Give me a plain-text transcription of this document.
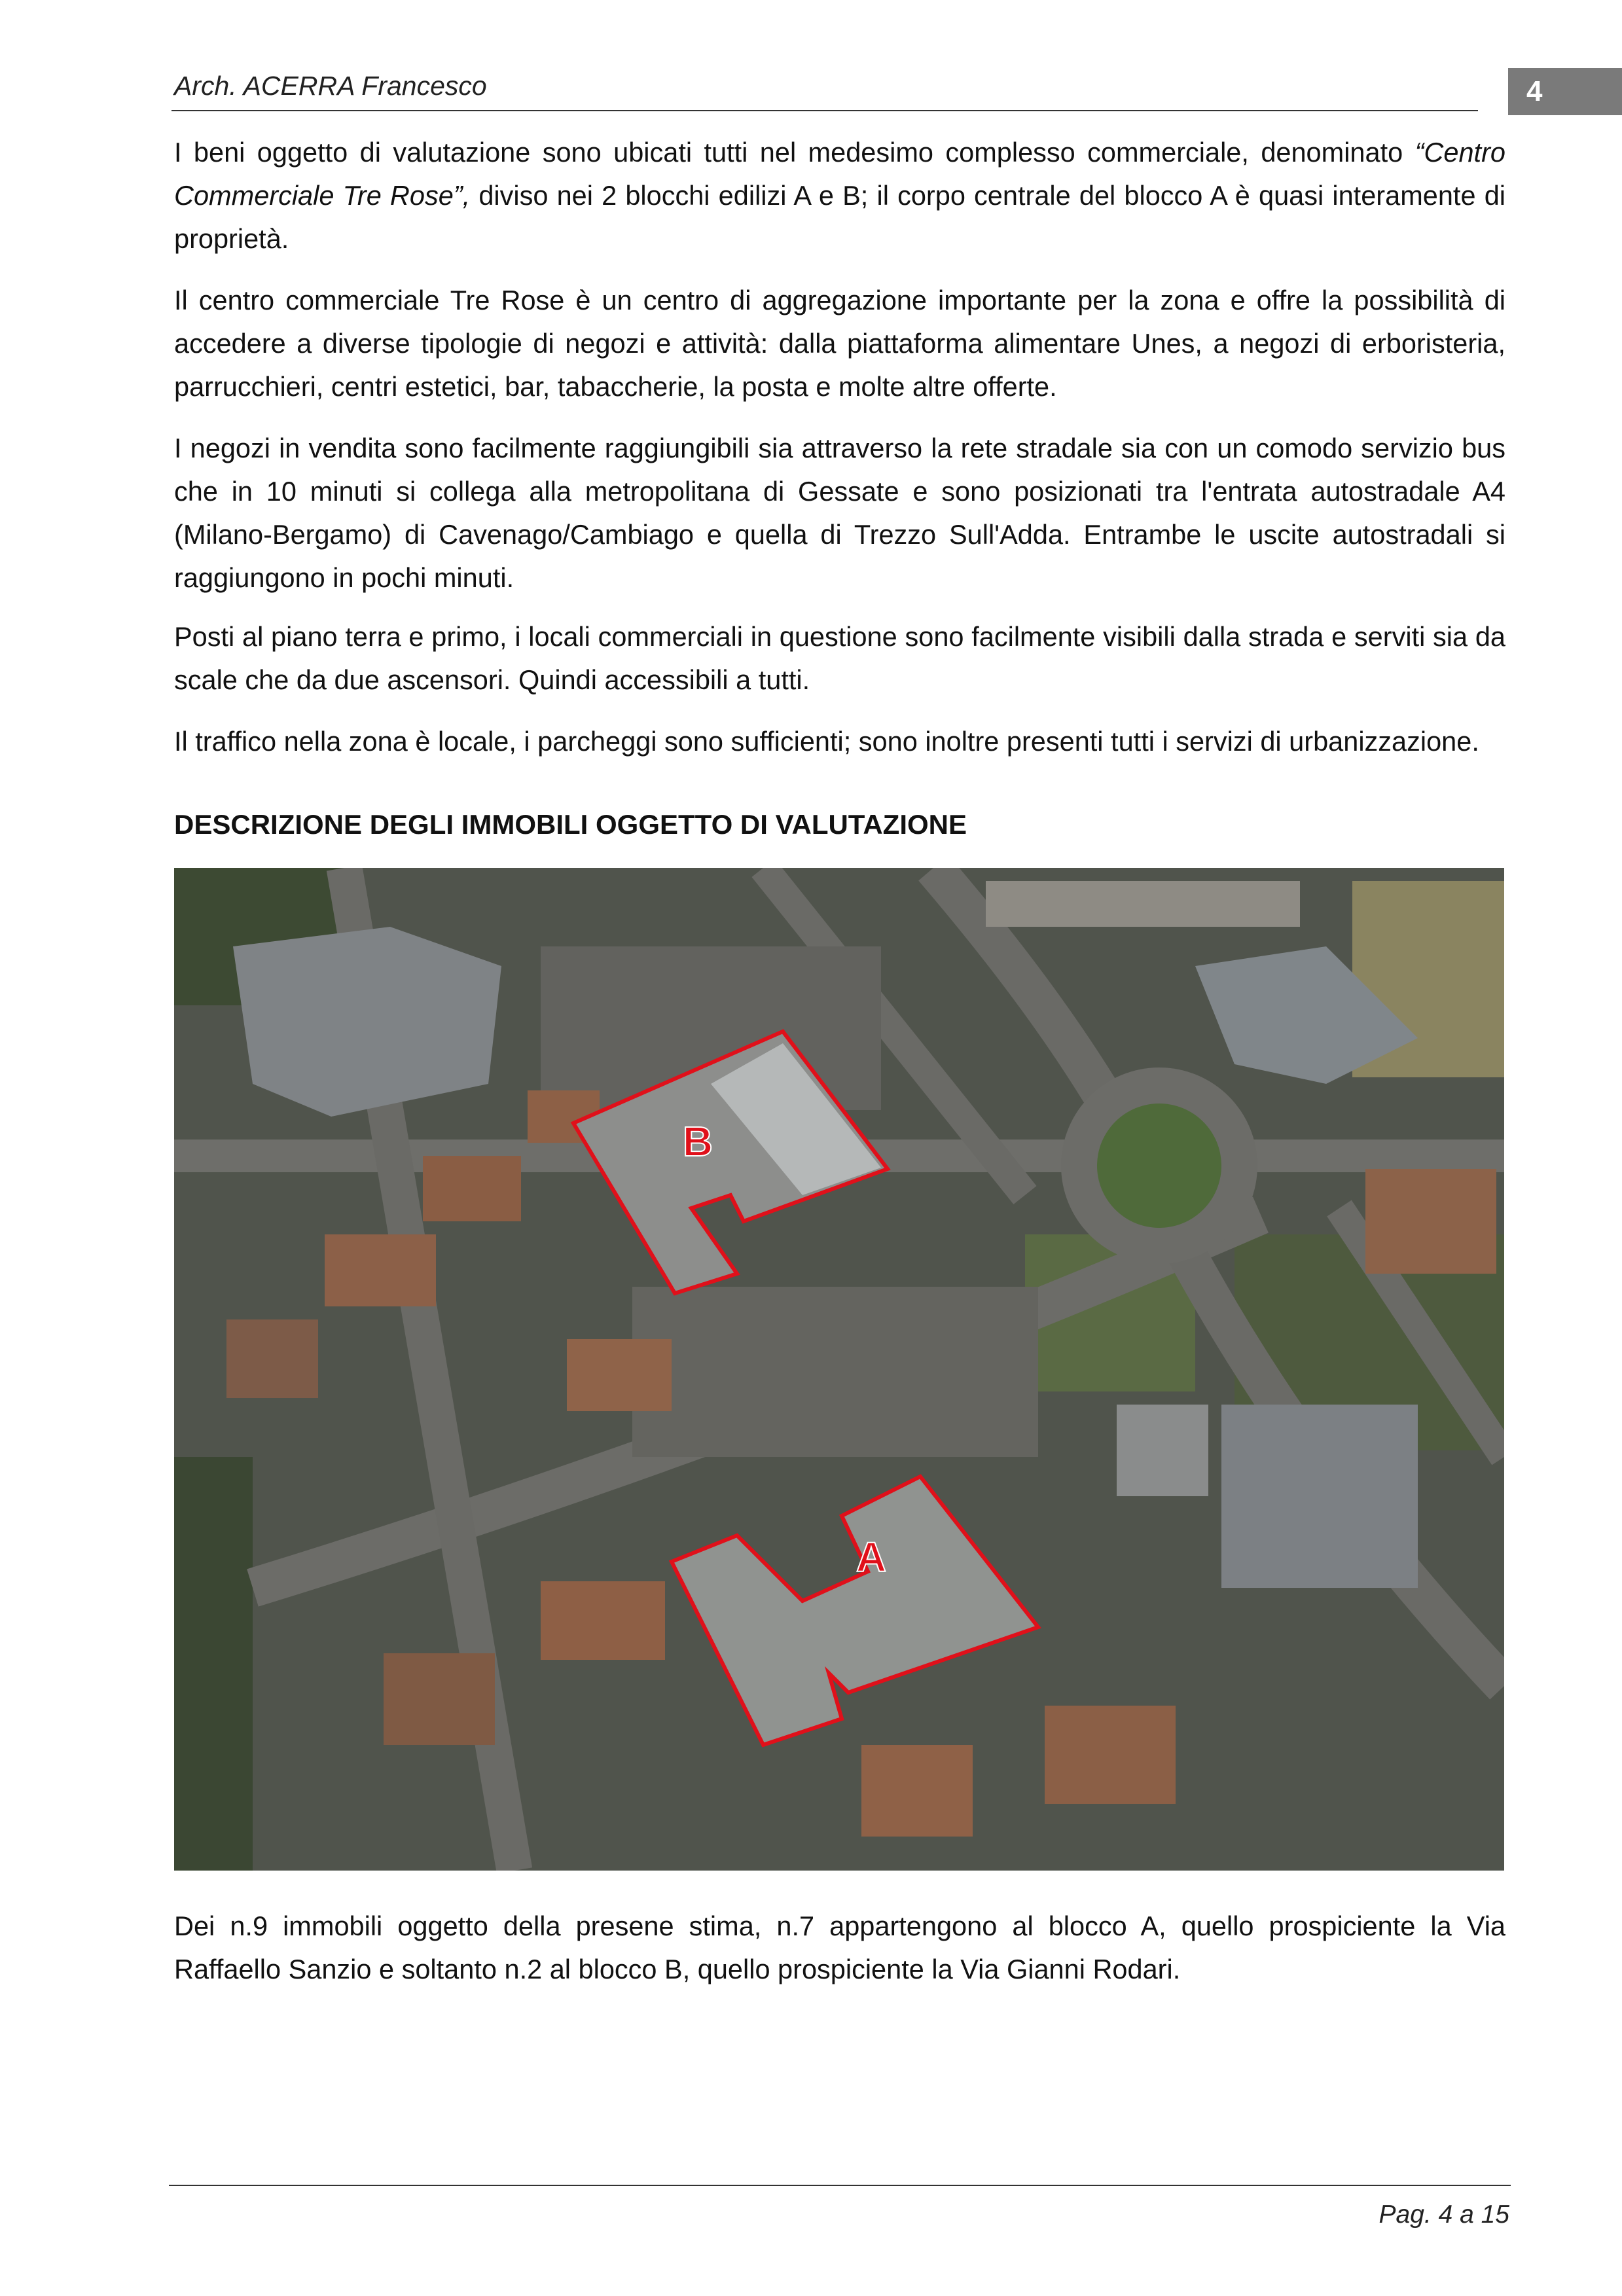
Arch. ACERRA Francesco	4

I beni oggetto di valutazione sono ubicati tutti nel medesimo complesso commerciale, denominato “Centro Commerciale Tre Rose”, diviso nei 2 blocchi edilizi A e B; il corpo centrale del blocco A è quasi interamente di proprietà.

Il centro commerciale Tre Rose è un centro di aggregazione importante per la zona e offre la possibilità di accedere a diverse tipologie di negozi e attività: dalla piattaforma alimentare Unes, a negozi di erboristeria, parrucchieri, centri estetici, bar, tabaccherie, la posta e molte altre offerte.

I negozi in vendita sono facilmente raggiungibili sia attraverso la rete stradale sia con un comodo servizio bus che in 10 minuti si collega alla metropolitana di Gessate e sono posizionati tra l'entrata autostradale A4 (Milano-Bergamo) di Cavenago/Cambiago e quella di Trezzo Sull'Adda. Entrambe le uscite autostradali si raggiungono in pochi minuti.

Posti al piano terra e primo, i locali commerciali in questione sono facilmente visibili dalla strada e serviti sia da scale che da due ascensori. Quindi accessibili a tutti.

Il traffico nella zona è locale, i parcheggi sono sufficienti; sono inoltre presenti tutti i servizi di urbanizzazione.

DESCRIZIONE DEGLI IMMOBILI OGGETTO DI VALUTAZIONE
B
A

Dei n.9 immobili oggetto della presene stima, n.7 appartengono al blocco A, quello prospiciente la Via Raffaello Sanzio e soltanto n.2 al blocco B, quello prospiciente la Via Gianni Rodari.

Pag. 4 a 15
